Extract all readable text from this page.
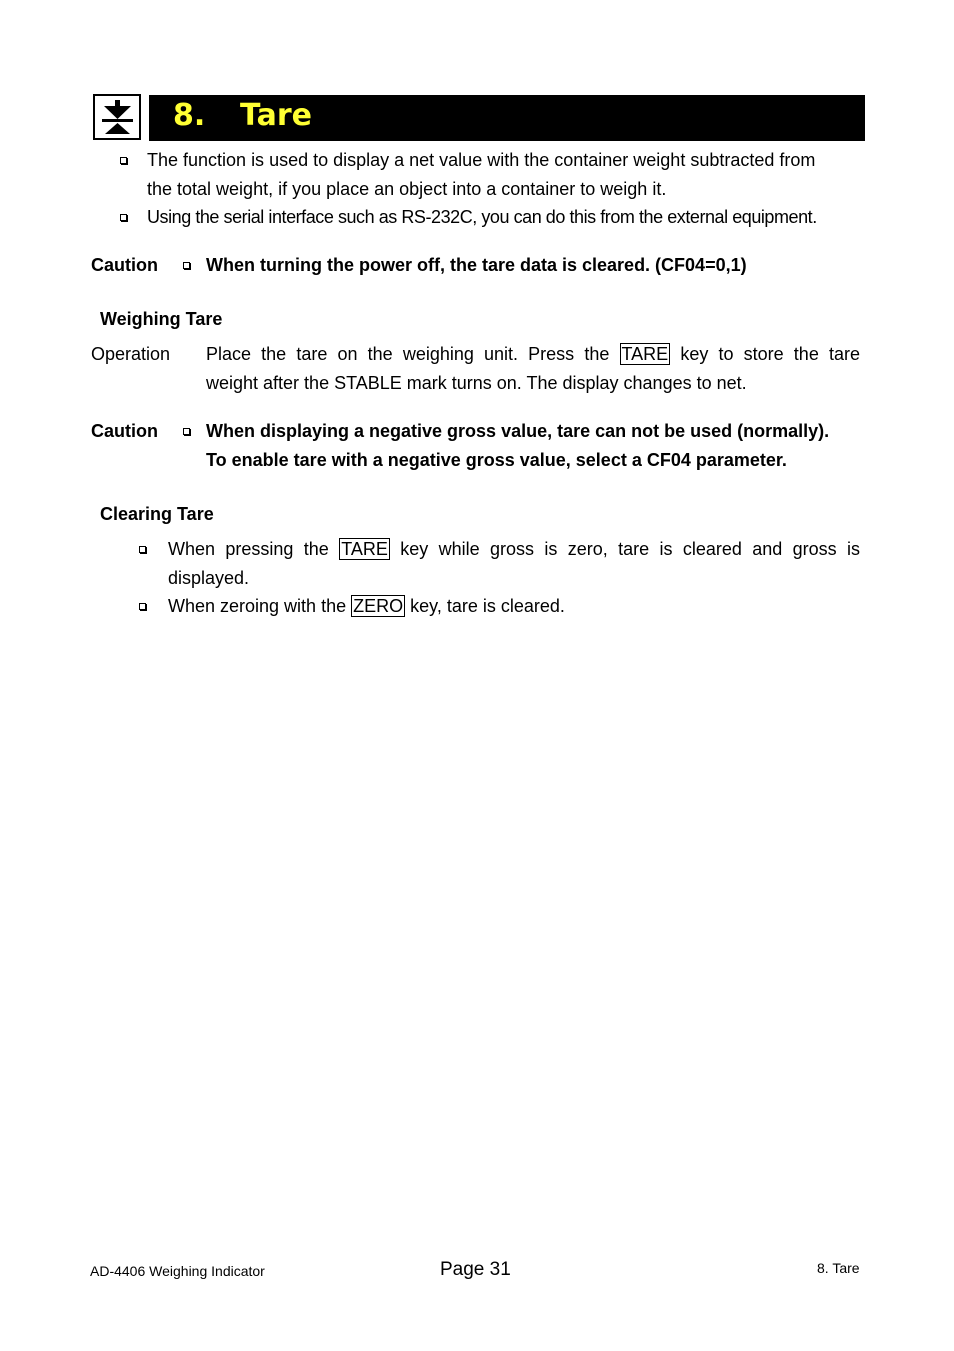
8. Tare
The function is used to display a net value with the container weight subtracted from
the total weight, if you place an object into a container to weigh it.
Using the serial interface such as RS-232C, you can do this from the external equipment.
Caution	When turning the power off, the tare data is cleared. (CF04=0,1)
Weighing Tare
Operation Place the tare on the weighing unit. Press the TARE key to store the tare
weight after the STABLE mark turns on. The display changes to net.
Caution	When displaying a negative gross value, tare can not be used (normally).
To enable tare with a negative gross value, select a CF04 parameter.
Clearing Tare
When pressing the TARE key while gross is zero, tare is cleared and gross is
displayed.
When zeroing with the ZERO key, tare is cleared.
AD-4406 Weighing Indicator	Page 31	8. Tare
